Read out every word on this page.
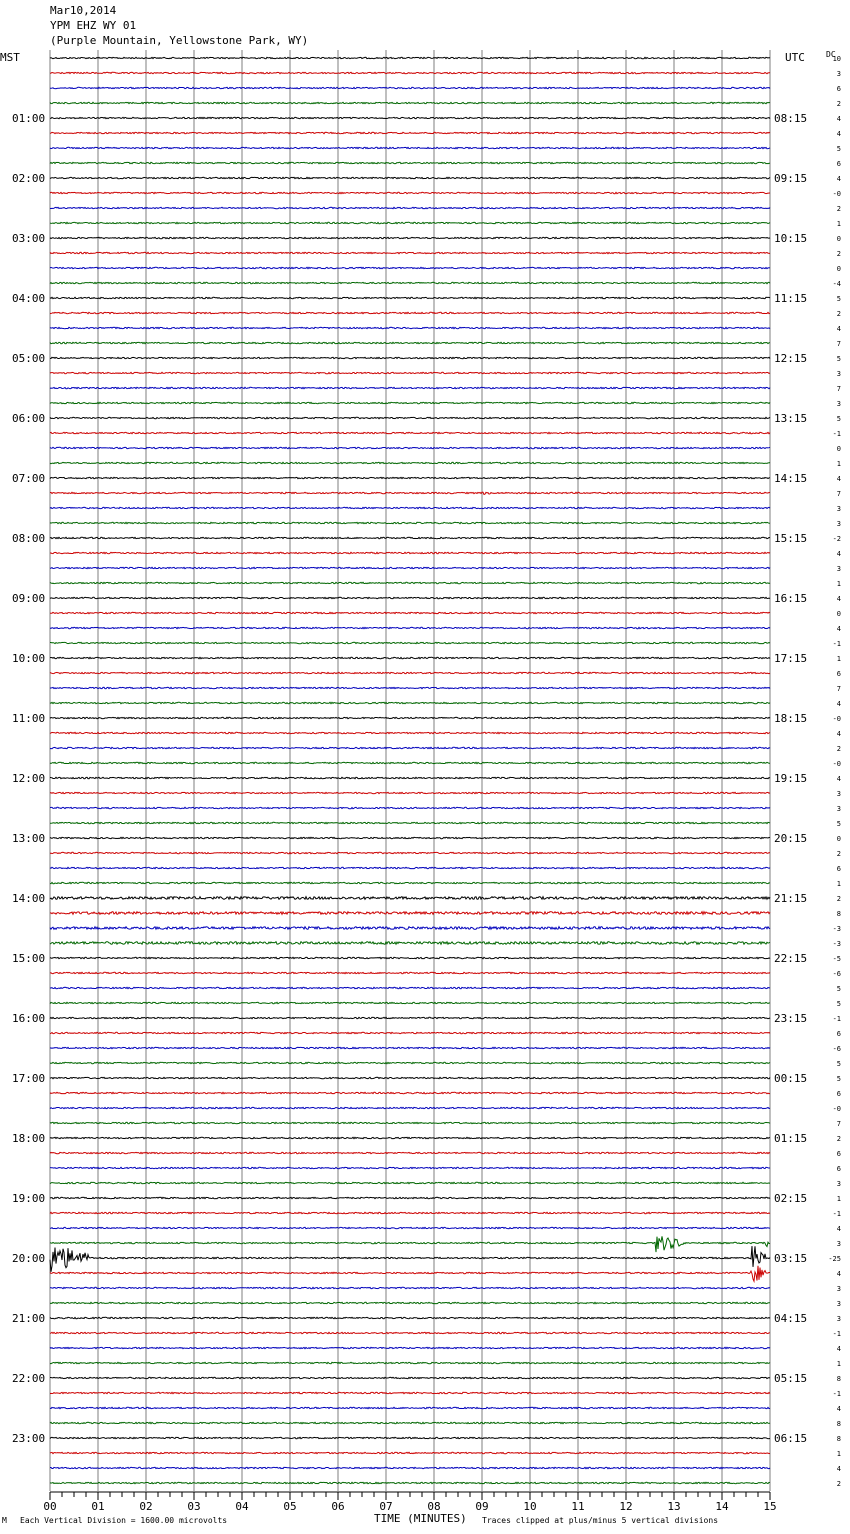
Mar10,2014
YPM EHZ WY 01
(Purple Mountain, Yellowstone Park, WY)
MST	UTC	DC
10
3
6
2
4
01:00	08:15
4
5
6
4
02:00	09:15
-0
2
1
0
03:00	10:15
2
0
-4
5
04:00	11:15
2
4
7
5
05:00	12:15
3
7
3
5
06:00	13:15
-1
0
1
4
07:00	14:15
7
3
3
-2
08:00	15:15
4
3
1
4
09:00	16:15
0
4
-1
1
10:00	17:15
6
7
4
-0
11:00	18:15
4
2
-0
4
12:00	19:15
3
3
5
0
13:00	20:15
2
6
1
2
14:00	21:15
8
-3
-3
-5
15:00	22:15
-6
5
5
-1
16:00	23:15
6
-6
5
5
17:00	00:15
6
-0
7
2
18:00	01:15
6
6
3
1
19:00	02:15
-1
4
3
-25
20:00	03:15
4
3
3
3
21:00	04:15
-1
4
1
8
22:00	05:15
-1
4
8
8
23:00	06:15
1
4
2
00	01	02	03	04	05	06	07	08	09	10	11	12	13	14	15
M Each Vertical Division = 1600.00 microvolts	TIME (MINUTES) Traces clipped at plus/minus 5 vertical divisions
